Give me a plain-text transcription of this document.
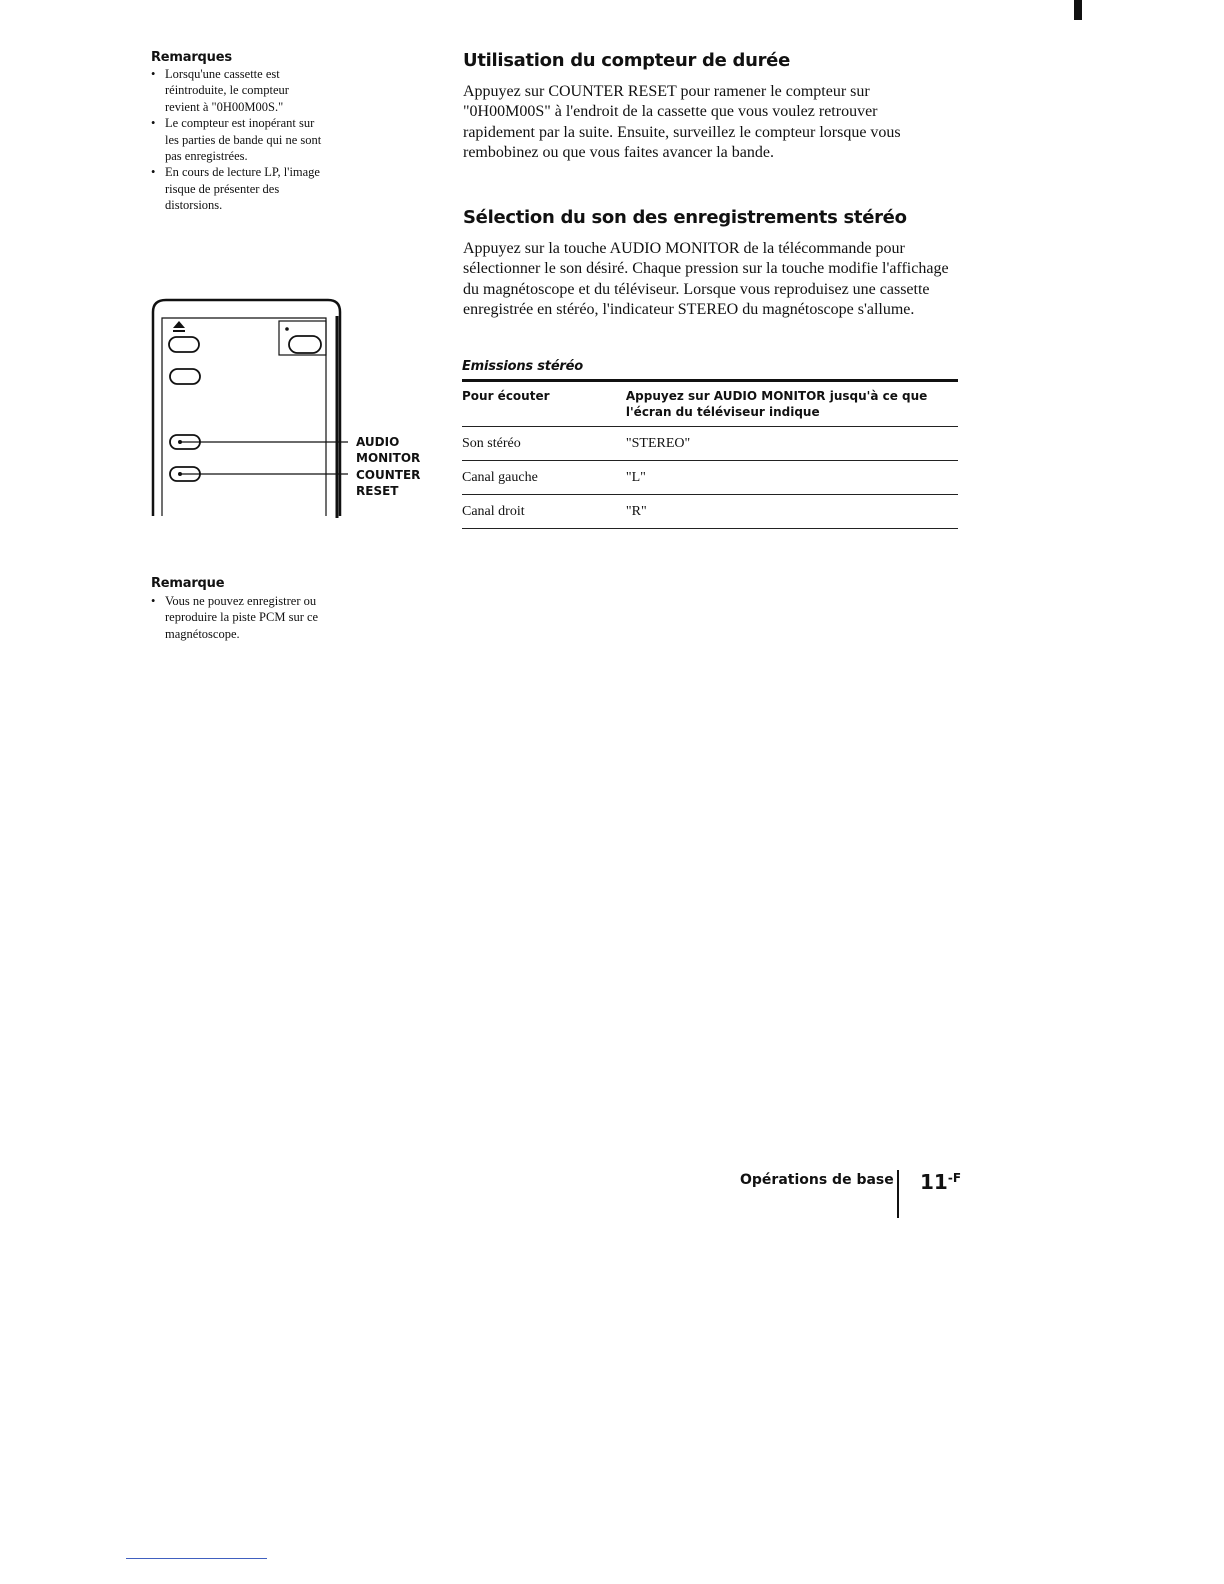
Remarques
• Lorsqu'une cassette est réintroduite, le compteur revient à "0H00M00S."
• Le compteur est inopérant sur les parties de bande qui ne sont pas enregistrées.
• En cours de lecture LP, l'image risque de présenter des distorsions.
AUDIO MONITOR
COUNTER RESET
Remarque
• Vous ne pouvez enregistrer ou reproduire la piste PCM sur ce magnétoscope.
Utilisation du compteur de durée

Appuyez sur COUNTER RESET pour ramener le compteur sur "0H00M00S" à l'endroit de la cassette que vous voulez retrouver rapidement par la suite. Ensuite, surveillez le compteur lorsque vous rembobinez ou que vous faites avancer la bande.

Sélection du son des enregistrements stéréo

Appuyez sur la touche AUDIO MONITOR de la télécommande pour sélectionner le son désiré. Chaque pression sur la touche modifie l'affichage du magnétoscope et du téléviseur. Lorsque vous reproduisez une cassette enregistrée en stéréo, l'indicateur STEREO du magnétoscope s'allume.

Emissions stéréo
Pour écouter	Appuyez sur AUDIO MONITOR jusqu'à ce que l'écran du téléviseur indique
Son stéréo	"STEREO"
Canal gauche	"L"
Canal droit	"R"
Opérations de base $11^{-F}$
